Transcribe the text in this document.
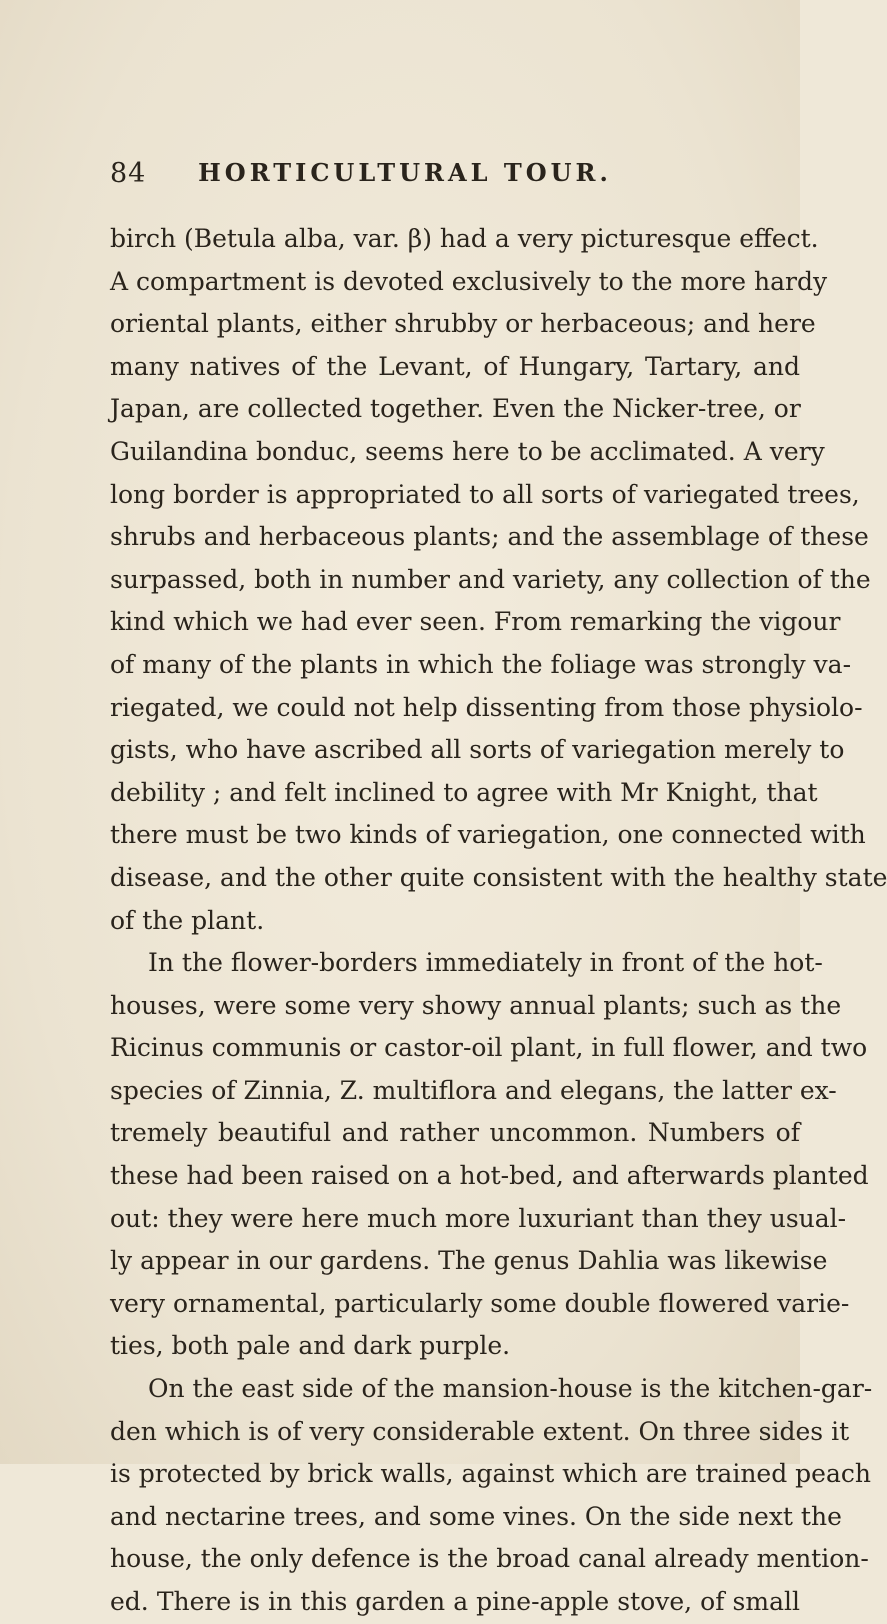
84	HORTICULTURAL TOUR.
birch (Betula alba, var. β) had a very picturesque effect.
A compartment is devoted exclusively to the more hardy
oriental plants, either shrubby or herbaceous; and here
many natives of the Levant, of Hungary, Tartary, and
Japan, are collected together. Even the Nicker-tree, or
Guilandina bonduc, seems here to be acclimated. A very
long border is appropriated to all sorts of variegated trees,
shrubs and herbaceous plants; and the assemblage of these
surpassed, both in number and variety, any collection of the
kind which we had ever seen. From remarking the vigour
of many of the plants in which the foliage was strongly va-
riegated, we could not help dissenting from those physiolo-
gists, who have ascribed all sorts of variegation merely to
debility ; and felt inclined to agree with Mr Knight, that
there must be two kinds of variegation, one connected with
disease, and the other quite consistent with the healthy state
of the plant.
In the flower-borders immediately in front of the hot-
houses, were some very showy annual plants; such as the
Ricinus communis or castor-oil plant, in full flower, and two
species of Zinnia, Z. multiflora and elegans, the latter ex-
tremely beautiful and rather uncommon. Numbers of
these had been raised on a hot-bed, and afterwards planted
out: they were here much more luxuriant than they usual-
ly appear in our gardens. The genus Dahlia was likewise
very ornamental, particularly some double flowered varie-
ties, both pale and dark purple.
On the east side of the mansion-house is the kitchen-gar-
den which is of very considerable extent. On three sides it
is protected by brick walls, against which are trained peach
and nectarine trees, and some vines. On the side next the
house, the only defence is the broad canal already mention-
ed. There is in this garden a pine-apple stove, of small
